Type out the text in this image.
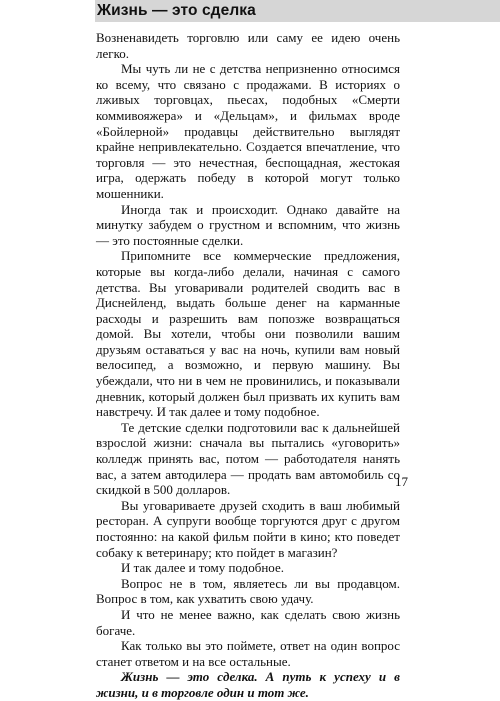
Жизнь — это сделка

Возненавидеть торговлю или саму ее идею очень легко.

Мы чуть ли не с детства непризненно относимся ко всему, что связано с продажами. В историях о лживых торговцах, пьесах, подобных «Смерти коммивояжера» и «Дельцам», и фильмах вроде «Бойлерной» продавцы действительно выглядят крайне непривлекательно. Создается впечатление, что торговля — это нечестная, беспощадная, жестокая игра, одержать победу в которой могут только мошенники.

Иногда так и происходит. Однако давайте на минутку забудем о грустном и вспомним, что жизнь — это постоянные сделки.

Припомните все коммерческие предложения, которые вы когда-либо делали, начиная с самого детства. Вы уговаривали родителей сводить вас в Диснейленд, выдать больше денег на карманные расходы и разрешить вам попозже возвращаться домой. Вы хотели, чтобы они позволили вашим друзьям оставаться у вас на ночь, купили вам новый велосипед, а возможно, и первую машину. Вы убеждали, что ни в чем не провинились, и показывали дневник, который должен был призвать их купить вам навстречу. И так далее и тому подобное.

Те детские сделки подготовили вас к дальнейшей взрослой жизни: сначала вы пытались «уговорить» колледж принять вас, потом — работодателя нанять вас, а затем автодилера — продать вам автомобиль со скидкой в 500 долларов.

Вы уговариваете друзей сходить в ваш любимый ресторан. А супруги вообще торгуются друг с другом постоянно: на какой фильм пойти в кино; кто поведет собаку к ветеринару; кто пойдет в магазин?

И так далее и тому подобное.

Вопрос не в том, являетесь ли вы продавцом. Вопрос в том, как ухватить свою удачу.

И что не менее важно, как сделать свою жизнь богаче.

Как только вы это поймете, ответ на один вопрос станет ответом и на все остальные.

Жизнь — это сделка. А путь к успеху и в жизни, и в торговле один и тот же.

17
